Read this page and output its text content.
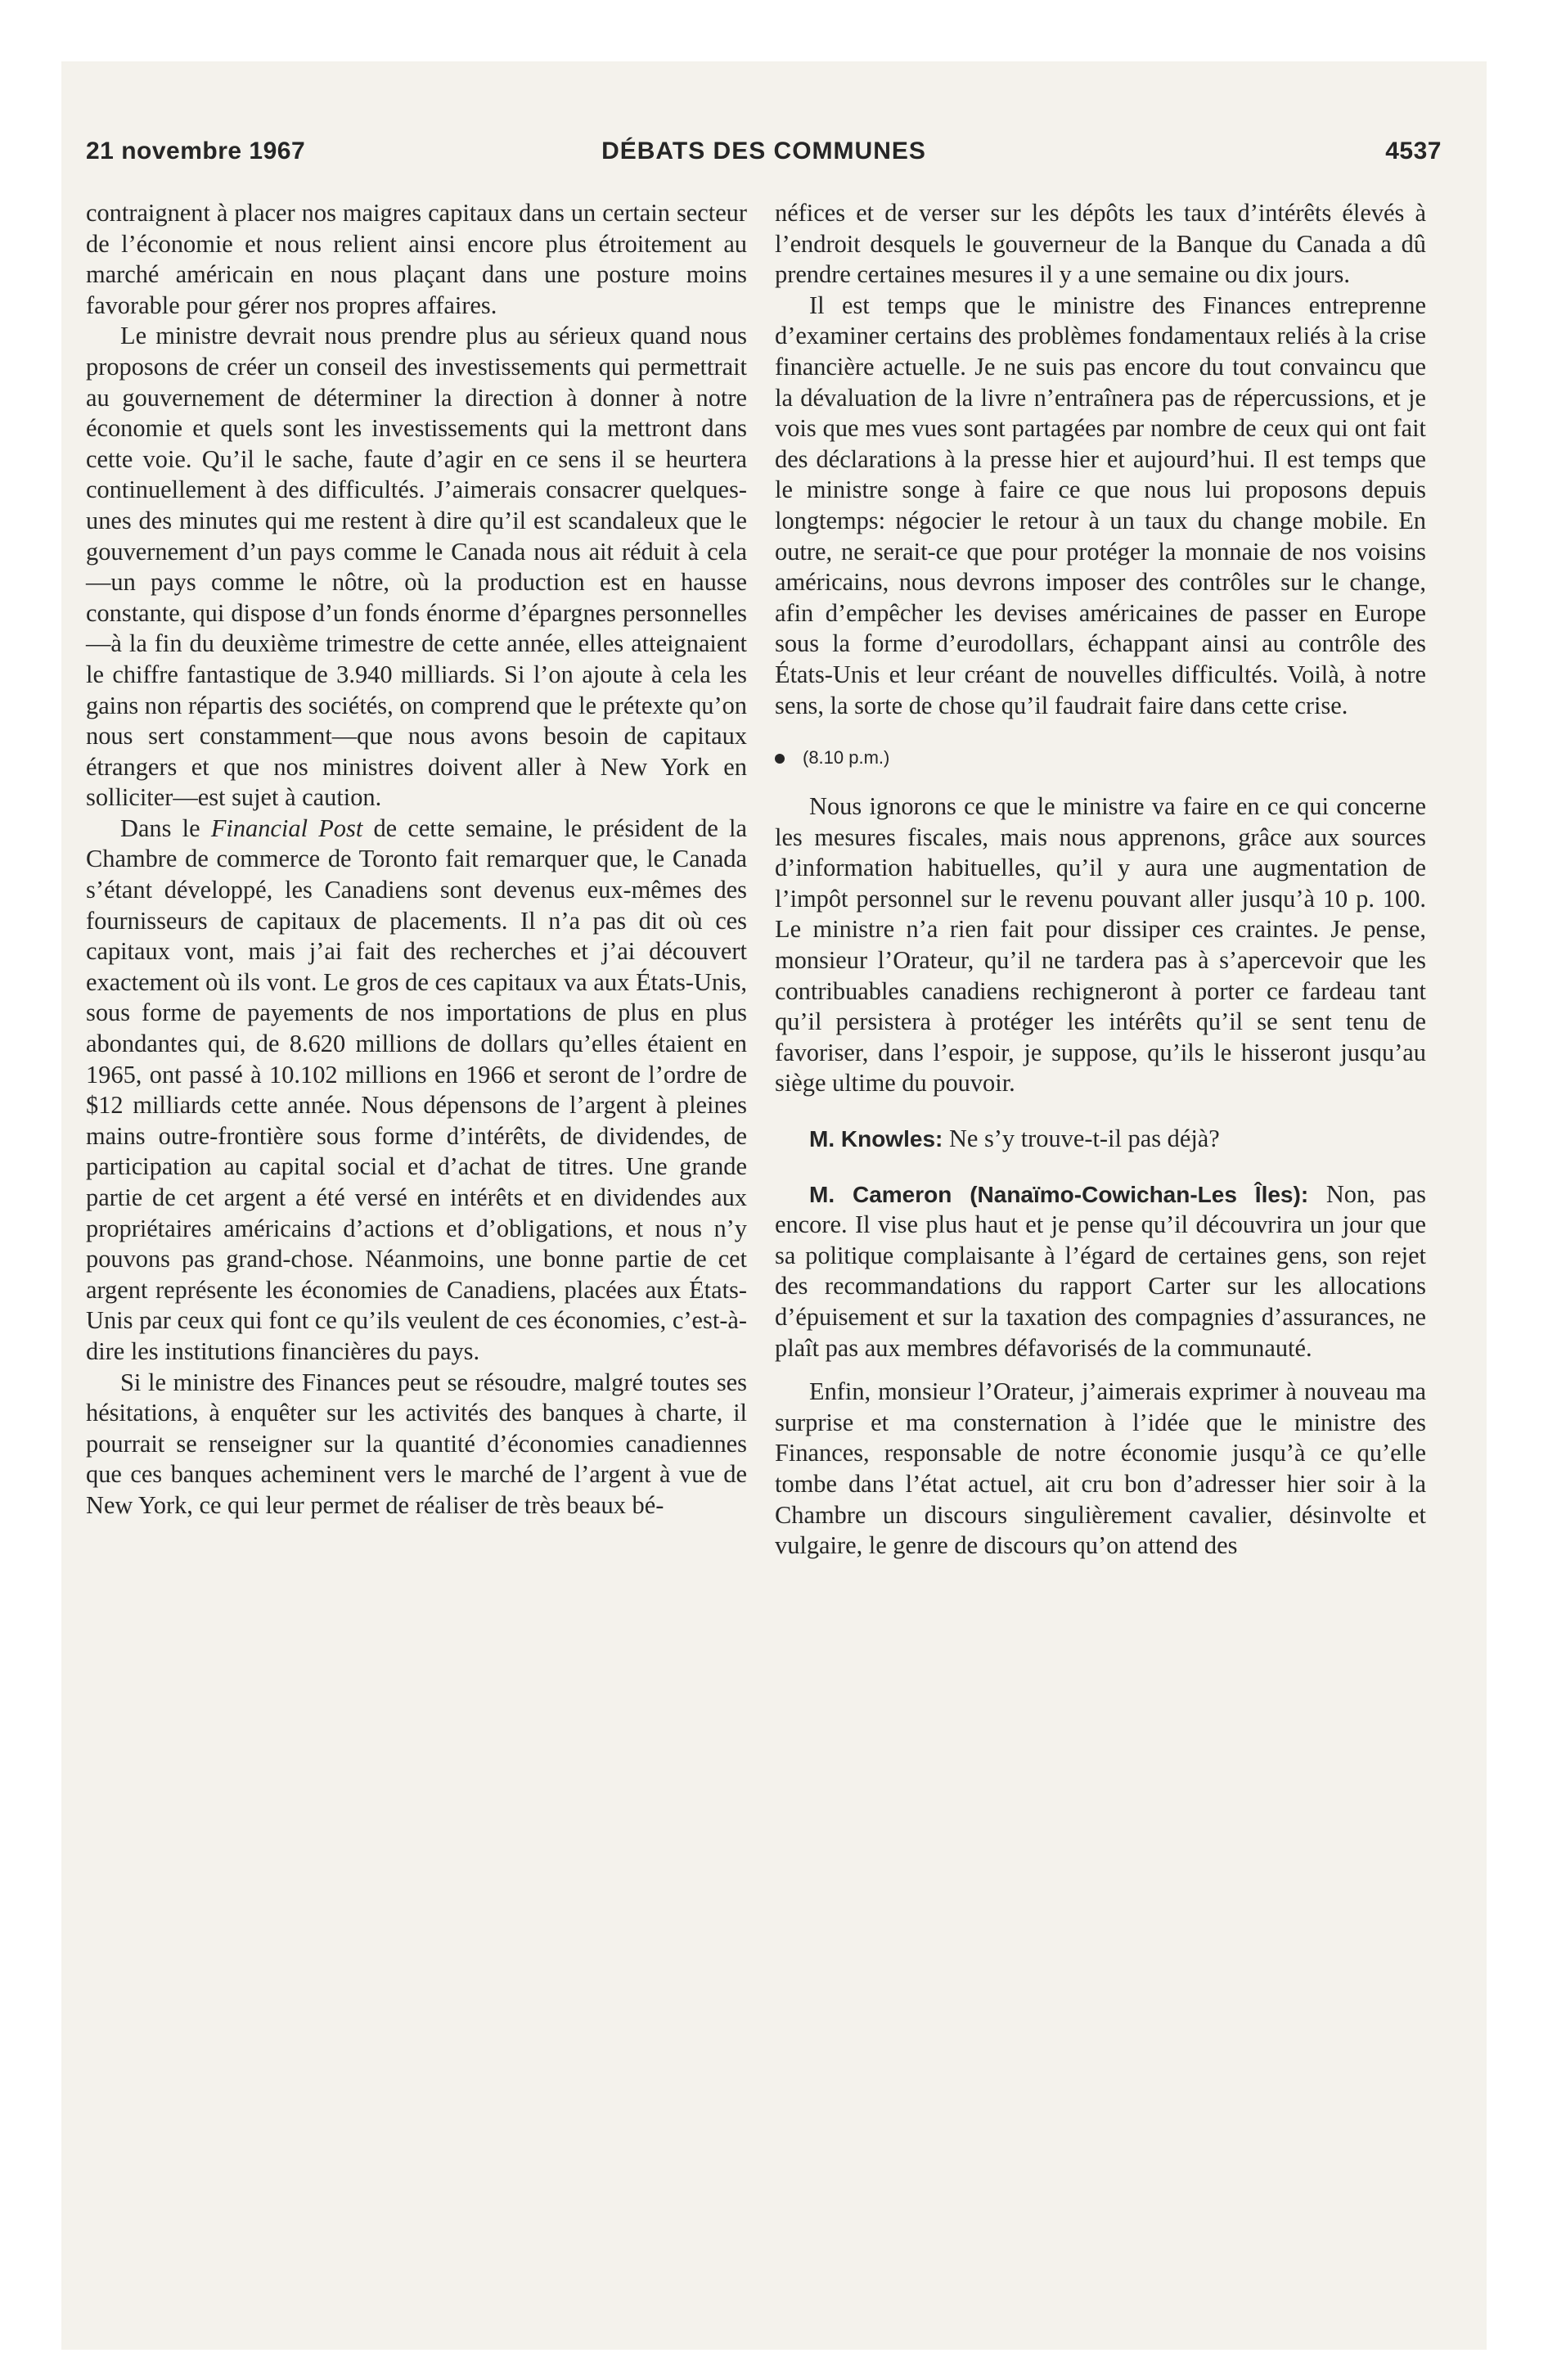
21 novembre 1967	DÉBATS DES COMMUNES	4537

contraignent à placer nos maigres capitaux dans un certain secteur de l’économie et nous relient ainsi encore plus étroitement au marché américain en nous plaçant dans une posture moins favorable pour gérer nos propres affaires.

Le ministre devrait nous prendre plus au sérieux quand nous proposons de créer un conseil des investissements qui permettrait au gouvernement de déterminer la direction à donner à notre économie et quels sont les investissements qui la mettront dans cette voie. Qu’il le sache, faute d’agir en ce sens il se heurtera continuellement à des difficultés. J’aimerais consacrer quelques-unes des minutes qui me restent à dire qu’il est scandaleux que le gouvernement d’un pays comme le Canada nous ait réduit à cela—un pays comme le nôtre, où la production est en hausse constante, qui dispose d’un fonds énorme d’épargnes personnelles—à la fin du deuxième trimestre de cette année, elles atteignaient le chiffre fantastique de 3.940 milliards. Si l’on ajoute à cela les gains non répartis des sociétés, on comprend que le prétexte qu’on nous sert constamment—que nous avons besoin de capitaux étrangers et que nos ministres doivent aller à New York en solliciter—est sujet à caution.

Dans le Financial Post de cette semaine, le président de la Chambre de commerce de Toronto fait remarquer que, le Canada s’étant développé, les Canadiens sont devenus eux-mêmes des fournisseurs de capitaux de placements. Il n’a pas dit où ces capitaux vont, mais j’ai fait des recherches et j’ai découvert exactement où ils vont. Le gros de ces capitaux va aux États-Unis, sous forme de payements de nos importations de plus en plus abondantes qui, de 8.620 millions de dollars qu’elles étaient en 1965, ont passé à 10.102 millions en 1966 et seront de l’ordre de $12 milliards cette année. Nous dépensons de l’argent à pleines mains outre-frontière sous forme d’intérêts, de dividendes, de participation au capital social et d’achat de titres. Une grande partie de cet argent a été versé en intérêts et en dividendes aux propriétaires américains d’actions et d’obligations, et nous n’y pouvons pas grand-chose. Néanmoins, une bonne partie de cet argent représente les économies de Canadiens, placées aux États-Unis par ceux qui font ce qu’ils veulent de ces économies, c’est-à-dire les institutions financières du pays.

Si le ministre des Finances peut se résoudre, malgré toutes ses hésitations, à enquêter sur les activités des banques à charte, il pourrait se renseigner sur la quantité d’économies canadiennes que ces banques acheminent vers le marché de l’argent à vue de New York, ce qui leur permet de réaliser de très beaux bé-

néfices et de verser sur les dépôts les taux d’intérêts élevés à l’endroit desquels le gouverneur de la Banque du Canada a dû prendre certaines mesures il y a une semaine ou dix jours.

Il est temps que le ministre des Finances entreprenne d’examiner certains des problèmes fondamentaux reliés à la crise financière actuelle. Je ne suis pas encore du tout convaincu que la dévaluation de la livre n’entraînera pas de répercussions, et je vois que mes vues sont partagées par nombre de ceux qui ont fait des déclarations à la presse hier et aujourd’hui. Il est temps que le ministre songe à faire ce que nous lui proposons depuis longtemps: négocier le retour à un taux du change mobile. En outre, ne serait-ce que pour protéger la monnaie de nos voisins américains, nous devrons imposer des contrôles sur le change, afin d’empêcher les devises américaines de passer en Europe sous la forme d’eurodollars, échappant ainsi au contrôle des États-Unis et leur créant de nouvelles difficultés. Voilà, à notre sens, la sorte de chose qu’il faudrait faire dans cette crise.

(8.10 p.m.)

Nous ignorons ce que le ministre va faire en ce qui concerne les mesures fiscales, mais nous apprenons, grâce aux sources d’information habituelles, qu’il y aura une augmentation de l’impôt personnel sur le revenu pouvant aller jusqu’à 10 p. 100. Le ministre n’a rien fait pour dissiper ces craintes. Je pense, monsieur l’Orateur, qu’il ne tardera pas à s’apercevoir que les contribuables canadiens rechigneront à porter ce fardeau tant qu’il persistera à protéger les intérêts qu’il se sent tenu de favoriser, dans l’espoir, je suppose, qu’ils le hisseront jusqu’au siège ultime du pouvoir.

M. Knowles: Ne s’y trouve-t-il pas déjà?

M. Cameron (Nanaïmo-Cowichan-Les Îles): Non, pas encore. Il vise plus haut et je pense qu’il découvrira un jour que sa politique complaisante à l’égard de certaines gens, son rejet des recommandations du rapport Carter sur les allocations d’épuisement et sur la taxation des compagnies d’assurances, ne plaît pas aux membres défavorisés de la communauté.

Enfin, monsieur l’Orateur, j’aimerais exprimer à nouveau ma surprise et ma consternation à l’idée que le ministre des Finances, responsable de notre économie jusqu’à ce qu’elle tombe dans l’état actuel, ait cru bon d’adresser hier soir à la Chambre un discours singulièrement cavalier, désinvolte et vulgaire, le genre de discours qu’on attend des
